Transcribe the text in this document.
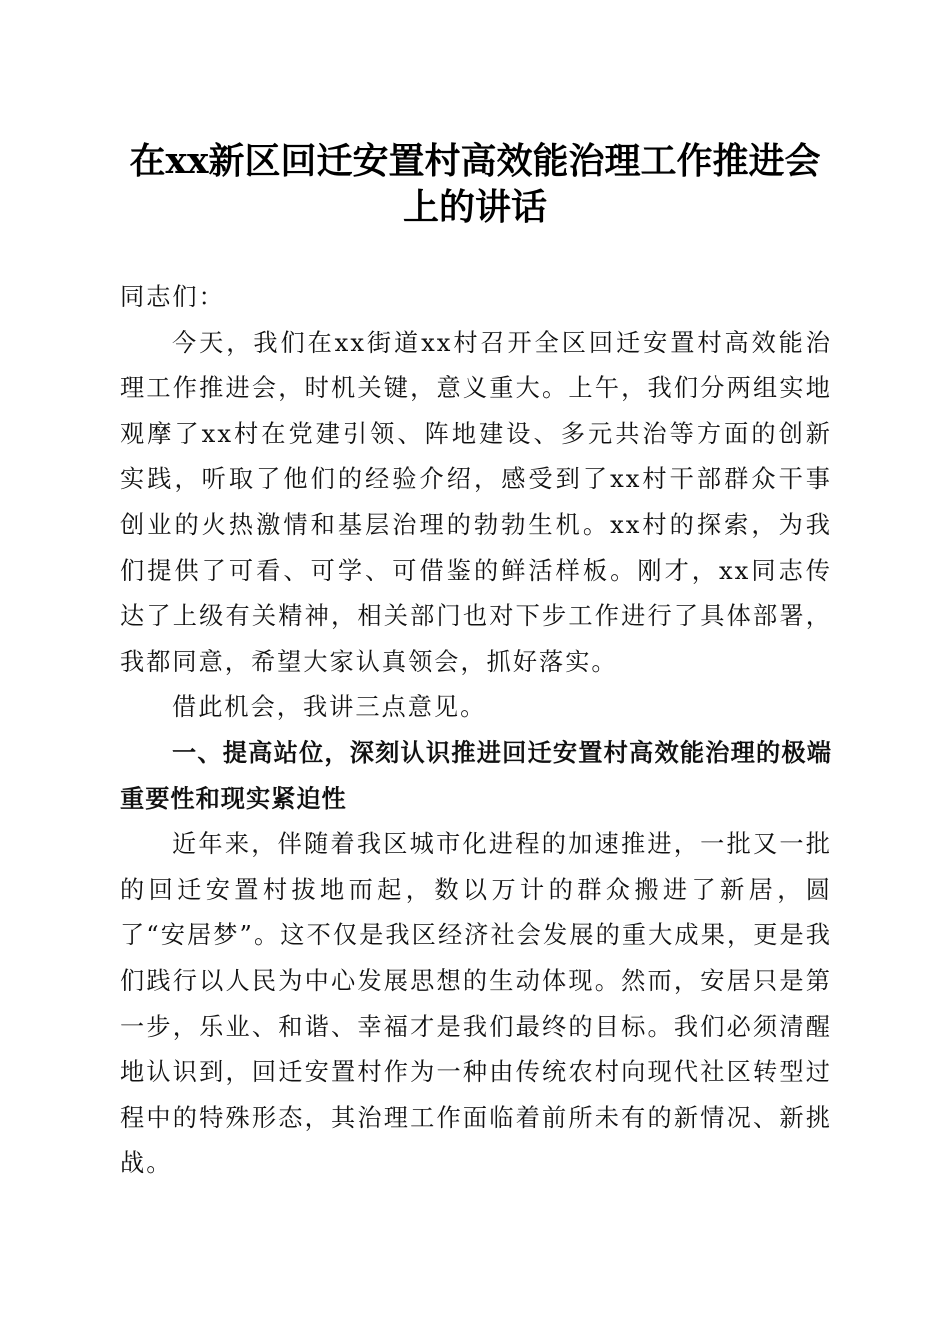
在xx新区回迁安置村高效能治理工作推进会
上的讲话

同志们：

今天，我们在xx街道xx村召开全区回迁安置村高效能治理工作推进会，时机关键，意义重大。上午，我们分两组实地观摩了xx村在党建引领、阵地建设、多元共治等方面的创新实践，听取了他们的经验介绍，感受到了xx村干部群众干事创业的火热激情和基层治理的勃勃生机。xx村的探索，为我们提供了可看、可学、可借鉴的鲜活样板。刚才，xx同志传达了上级有关精神，相关部门也对下步工作进行了具体部署，我都同意，希望大家认真领会，抓好落实。

借此机会，我讲三点意见。

一、提高站位，深刻认识推进回迁安置村高效能治理的极端重要性和现实紧迫性

近年来，伴随着我区城市化进程的加速推进，一批又一批的回迁安置村拔地而起，数以万计的群众搬进了新居，圆了“安居梦”。这不仅是我区经济社会发展的重大成果，更是我们践行以人民为中心发展思想的生动体现。然而，安居只是第一步，乐业、和谐、幸福才是我们最终的目标。我们必须清醒地认识到，回迁安置村作为一种由传统农村向现代社区转型过程中的特殊形态，其治理工作面临着前所未有的新情况、新挑战。
